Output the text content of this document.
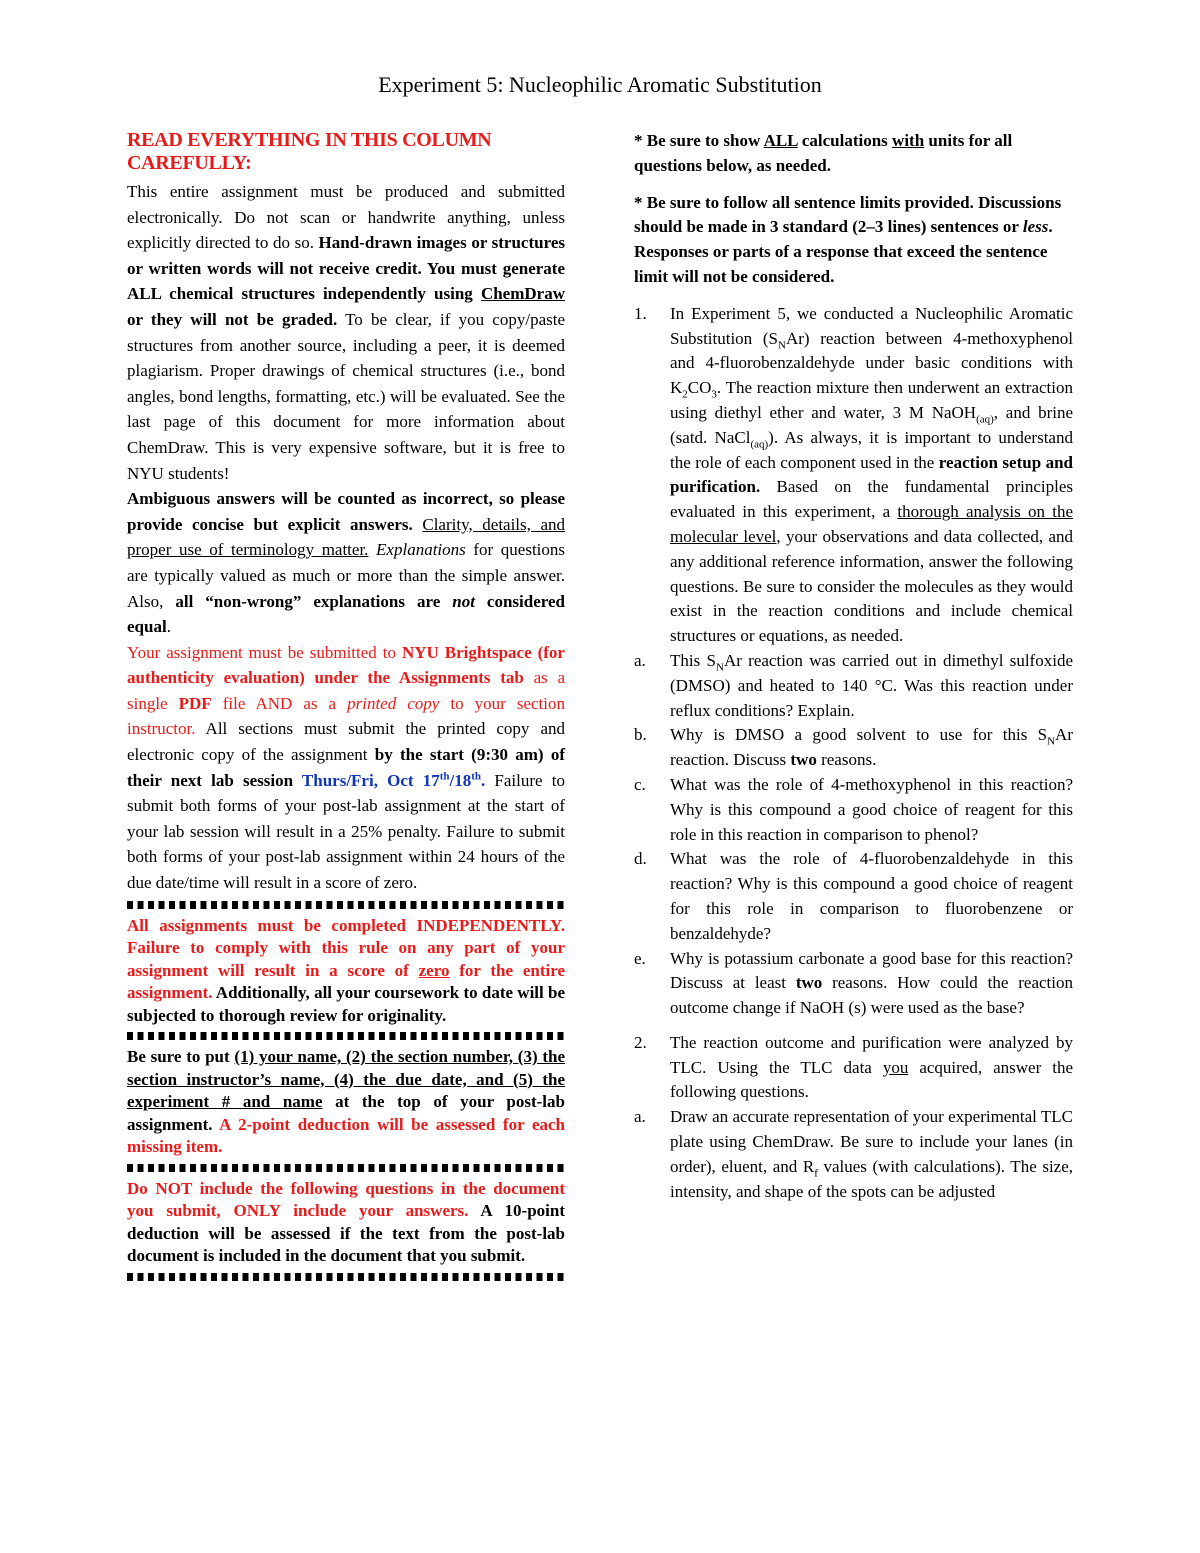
Experiment 5: Nucleophilic Aromatic Substitution
READ EVERYTHING IN THIS COLUMN CAREFULLY:

This entire assignment must be produced and submitted electronically. Do not scan or handwrite anything, unless explicitly directed to do so. Hand-drawn images or structures or written words will not receive credit. You must generate ALL chemical structures independently using ChemDraw or they will not be graded. To be clear, if you copy/paste structures from another source, including a peer, it is deemed plagiarism. Proper drawings of chemical structures (i.e., bond angles, bond lengths, formatting, etc.) will be evaluated. See the last page of this document for more information about ChemDraw. This is very expensive software, but it is free to NYU students!

Ambiguous answers will be counted as incorrect, so please provide concise but explicit answers. Clarity, details, and proper use of terminology matter. Explanations for questions are typically valued as much or more than the simple answer. Also, all “non-wrong” explanations are not considered equal.

Your assignment must be submitted to NYU Brightspace (for authenticity evaluation) under the Assignments tab as a single PDF file AND as a printed copy to your section instructor. All sections must submit the printed copy and electronic copy of the assignment by the start (9:30 am) of their next lab session Thurs/Fri, Oct 17th/18th. Failure to submit both forms of your post-lab assignment at the start of your lab session will result in a 25% penalty. Failure to submit both forms of your post-lab assignment within 24 hours of the due date/time will result in a score of zero.

All assignments must be completed INDEPENDENTLY. Failure to comply with this rule on any part of your assignment will result in a score of zero for the entire assignment. Additionally, all your coursework to date will be subjected to thorough review for originality.

Be sure to put (1) your name, (2) the section number, (3) the section instructor’s name, (4) the due date, and (5) the experiment # and name at the top of your post-lab assignment. A 2-point deduction will be assessed for each missing item.

Do NOT include the following questions in the document you submit, ONLY include your answers. A 10-point deduction will be assessed if the text from the post-lab document is included in the document that you submit.

* Be sure to show ALL calculations with units for all questions below, as needed.

* Be sure to follow all sentence limits provided. Discussions should be made in 3 standard (2–3 lines) sentences or less. Responses or parts of a response that exceed the sentence limit will not be considered.

1.	In Experiment 5, we conducted a Nucleophilic Aromatic Substitution $(S_NAr)$ reaction between 4-methoxyphenol and 4-fluorobenzaldehyde under basic conditions with $K_2CO_3$. The reaction mixture then underwent an extraction using diethyl ether and water, 3 M NaOH$_{(aq)}$, and brine (satd. NaCl$_{(aq)}$). As always, it is important to understand the role of each component used in the reaction setup and purification. Based on the fundamental principles evaluated in this experiment, a thorough analysis on the molecular level, your observations and data collected, and any additional reference information, answer the following questions. Be sure to consider the molecules as they would exist in the reaction conditions and include chemical structures or equations, as needed.
a.	This $S_NAr$ reaction was carried out in dimethyl sulfoxide (DMSO) and heated to 140 °C. Was this reaction under reflux conditions? Explain.
b.	Why is DMSO a good solvent to use for this $S_NAr$ reaction. Discuss two reasons.
c.	What was the role of 4-methoxyphenol in this reaction? Why is this compound a good choice of reagent for this role in this reaction in comparison to phenol?
d.	What was the role of 4-fluorobenzaldehyde in this reaction? Why is this compound a good choice of reagent for this role in comparison to fluorobenzene or benzaldehyde?
e.	Why is potassium carbonate a good base for this reaction? Discuss at least two reasons. How could the reaction outcome change if NaOH (s) were used as the base?
2.	The reaction outcome and purification were analyzed by TLC. Using the TLC data you acquired, answer the following questions.
a.	Draw an accurate representation of your experimental TLC plate using ChemDraw. Be sure to include your lanes (in order), eluent, and $R_f$ values (with calculations). The size, intensity, and shape of the spots can be adjusted
